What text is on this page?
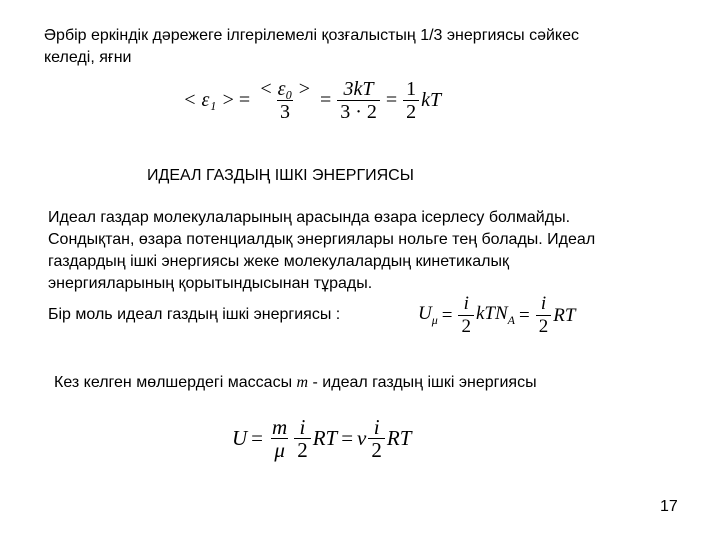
Әрбір еркіндік дәрежеге ілгерілемелі қозғалыстың 1/3 энергиясы сәйкес
келеді, яғни
< ε₁ > = $\frac{\text{< ε₀ >}}{3} = \frac{3kT}{3 \cdot 2} = \frac{1}{2}$ kT
ИДЕАЛ ГАЗДЫҢ ІШКІ ЭНЕРГИЯСЫ
Идеал газдар молекулаларының арасында өзара іcерлесу болмайды.
Сондықтан, өзара потенциалдық энергиялары нольге тең болады. Идеал
газдардың ішкі энергиясы жеке молекулалардың кинетикалық
энергияларының қорытындысынан тұрады.
Бір моль идеал газдың ішкі энергиясы :	$U_\mu = \frac{i}{2} kTN_A = \frac{i}{2}$ RT
Кез келген мөлшердегі массасы m - идеал газдың ішкі энергиясы
$U = \frac{m}{\mu} \frac{i}{2}$ RT = ν $\frac{i}{2}$ RT
17
